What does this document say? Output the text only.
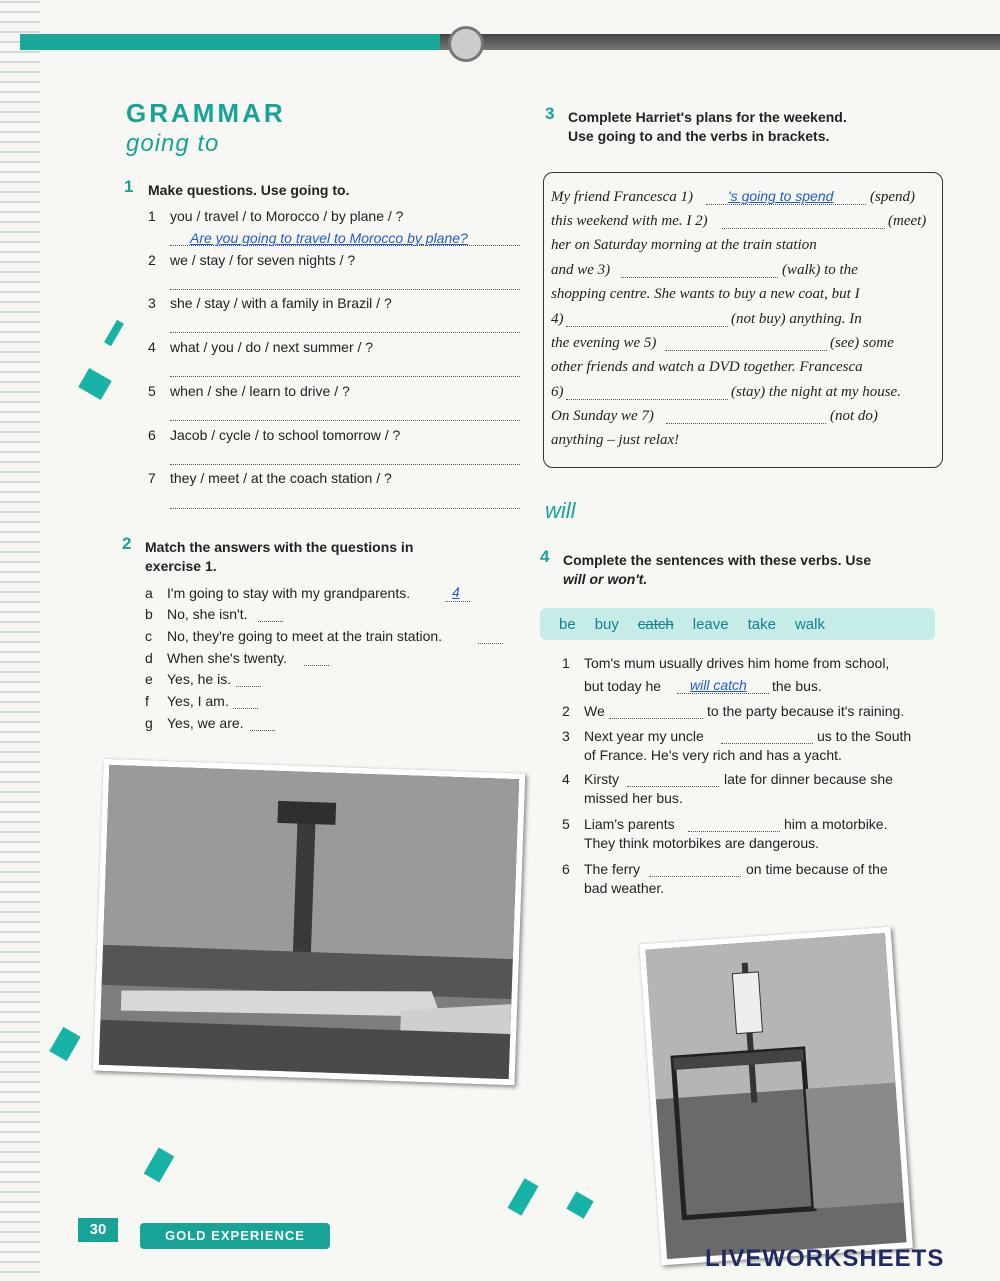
GRAMMAR
going to
1 Make questions. Use going to.
1 you / travel / to Morocco / by plane / ?
Are you going to travel to Morocco by plane?
2 we / stay / for seven nights / ?
3 she / stay / with a family in Brazil / ?
4 what / you / do / next summer / ?
5 when / she / learn to drive / ?
6 Jacob / cycle / to school tomorrow / ?
7 they / meet / at the coach station / ?
2 Match the answers with the questions in
exercise 1.
a I'm going to stay with my grandparents.	4
b No, she isn't.
c No, they're going to meet at the train station.
d When she's twenty.
e Yes, he is.
f Yes, I am.
g Yes, we are.
3 Complete Harriet's plans for the weekend.
Use going to and the verbs in brackets.
My friend Francesca 1) 's going to spend (spend)
this weekend with me. I 2)	(meet)
her on Saturday morning at the train station
and we 3)	(walk) to the
shopping centre. She wants to buy a new coat, but I
4)	(not buy) anything. In
the evening we 5)	(see) some
other friends and watch a DVD together. Francesca
6)	(stay) the night at my house.
On Sunday we 7)	(not do)
anything – just relax!
will
4 Complete the sentences with these verbs. Use
will or won't.
be buy catch leave take walk
1 Tom's mum usually drives him home from school,
but today he will catch the bus.
2 We	to the party because it's raining.
3 Next year my uncle	us to the South
of France. He's very rich and has a yacht.
4 Kirsty	late for dinner because she
missed her bus.
5 Liam's parents	him a motorbike.
They think motorbikes are dangerous.
6 The ferry	on time because of the
bad weather.
30	GOLD EXPERIENCE
LIVEWORKSHEETS
